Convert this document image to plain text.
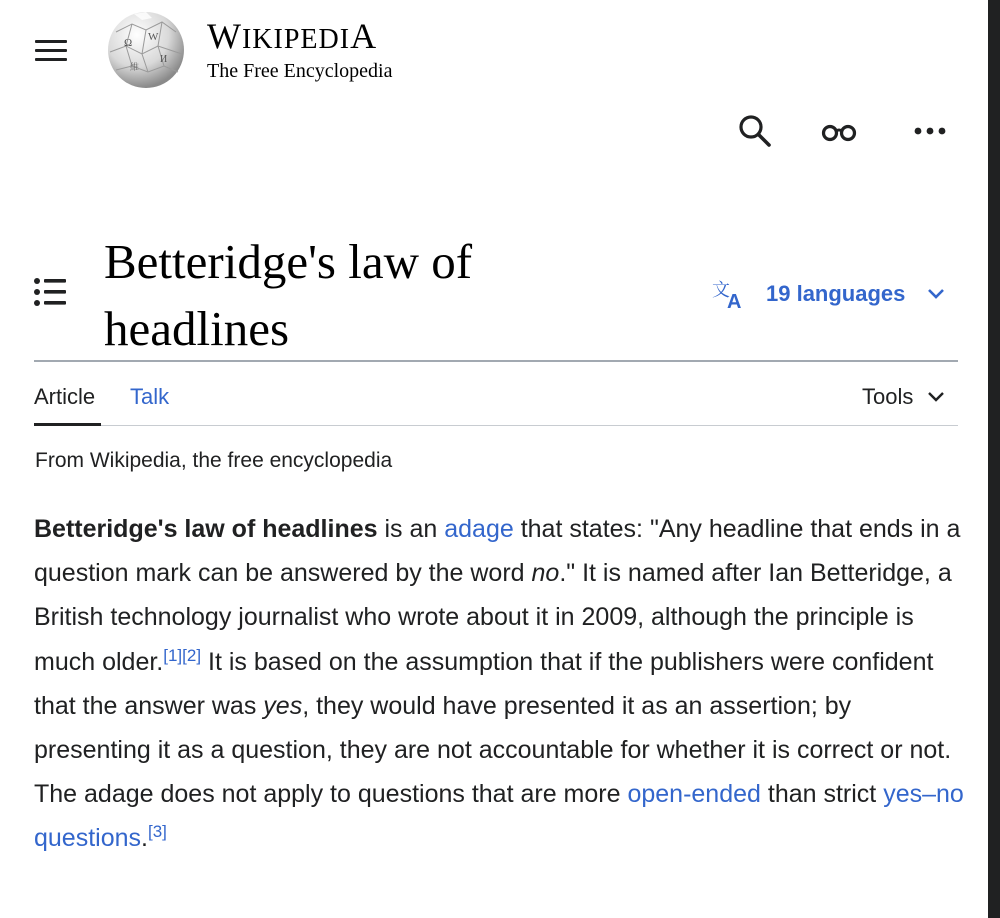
Ω W
И
維
WIKIPEDIA
The Free Encyclopedia
Betteridge's law of headlines
文
A 19 languages
Article Talk	Tools
From Wikipedia, the free encyclopedia

Betteridge's law of headlines is an adage that states: "Any headline that ends in a question mark can be answered by the word no." It is named after Ian Betteridge, a British technology journalist who wrote about it in 2009, although the principle is much older.[1][2] It is based on the assumption that if the publishers were confident that the answer was yes, they would have presented it as an assertion; by presenting it as a question, they are not accountable for whether it is correct or not. The adage does not apply to questions that are more open-ended than strict yes–no questions.[3]
